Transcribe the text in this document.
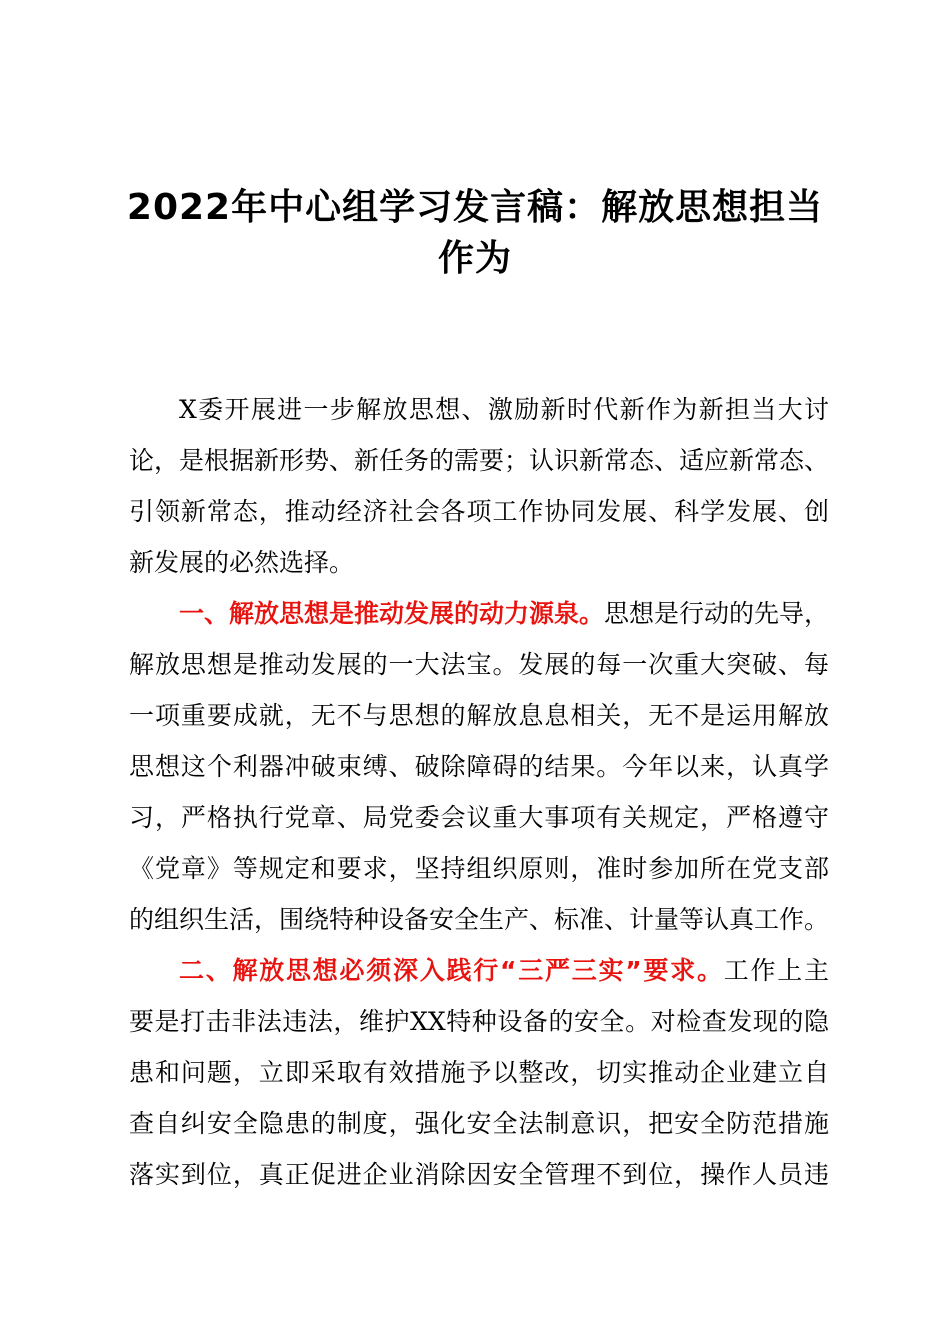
2022年中心组学习发言稿：解放思想担当
作为
X委开展进一步解放思想、激励新时代新作为新担当大讨
论，是根据新形势、新任务的需要；认识新常态、适应新常态、
引领新常态，推动经济社会各项工作协同发展、科学发展、创
新发展的必然选择。
一、解放思想是推动发展的动力源泉。思想是行动的先导，
解放思想是推动发展的一大法宝。发展的每一次重大突破、每
一项重要成就，无不与思想的解放息息相关，无不是运用解放
思想这个利器冲破束缚、破除障碍的结果。今年以来，认真学
习，严格执行党章、局党委会议重大事项有关规定，严格遵守
《党章》等规定和要求，坚持组织原则，准时参加所在党支部
的组织生活，围绕特种设备安全生产、标准、计量等认真工作。
二、解放思想必须深入践行“三严三实”要求。工作上主
要是打击非法违法，维护XX特种设备的安全。对检查发现的隐
患和问题，立即采取有效措施予以整改，切实推动企业建立自
查自纠安全隐患的制度，强化安全法制意识，把安全防范措施
落实到位，真正促进企业消除因安全管理不到位，操作人员违
